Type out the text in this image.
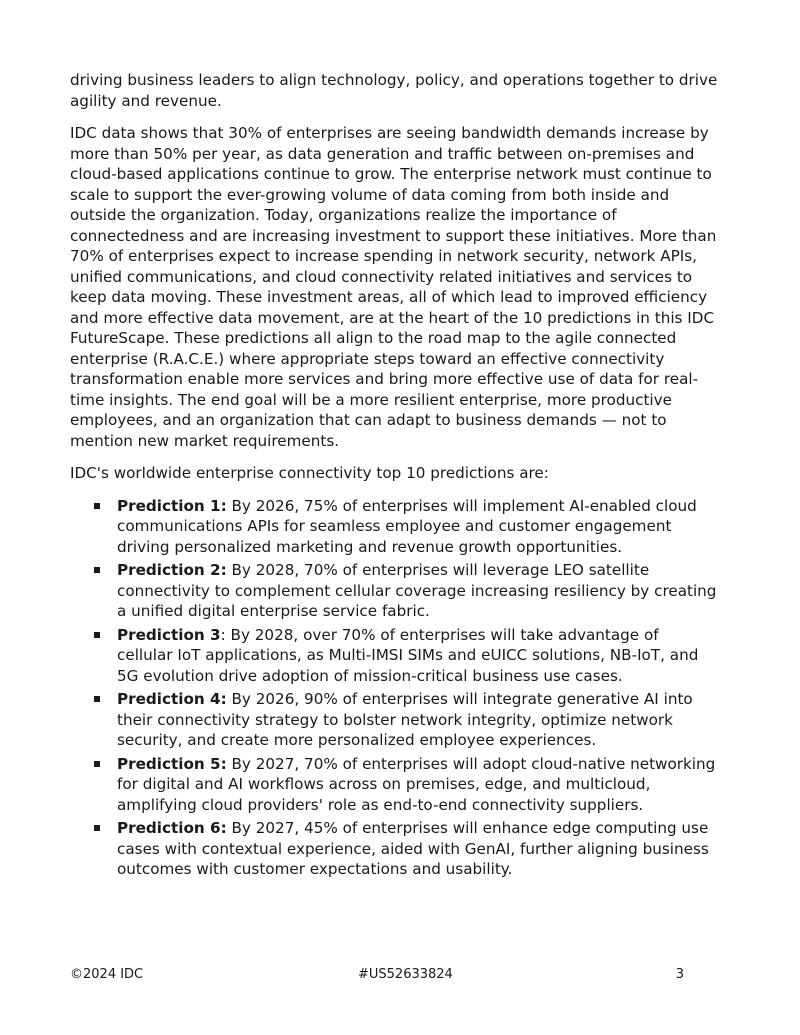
driving business leaders to align technology, policy, and operations together to drive agility and revenue.

IDC data shows that 30% of enterprises are seeing bandwidth demands increase by more than 50% per year, as data generation and traffic between on-premises and cloud-based applications continue to grow. The enterprise network must continue to scale to support the ever-growing volume of data coming from both inside and outside the organization. Today, organizations realize the importance of connectedness and are increasing investment to support these initiatives. More than 70% of enterprises expect to increase spending in network security, network APIs, unified communications, and cloud connectivity related initiatives and services to keep data moving. These investment areas, all of which lead to improved efficiency and more effective data movement, are at the heart of the 10 predictions in this IDC FutureScape. These predictions all align to the road map to the agile connected enterprise (R.A.C.E.) where appropriate steps toward an effective connectivity transformation enable more services and bring more effective use of data for real-time insights. The end goal will be a more resilient enterprise, more productive employees, and an organization that can adapt to business demands — not to mention new market requirements.

IDC's worldwide enterprise connectivity top 10 predictions are:

Prediction 1: By 2026, 75% of enterprises will implement AI-enabled cloud communications APIs for seamless employee and customer engagement driving personalized marketing and revenue growth opportunities.
Prediction 2: By 2028, 70% of enterprises will leverage LEO satellite connectivity to complement cellular coverage increasing resiliency by creating a unified digital enterprise service fabric.
Prediction 3: By 2028, over 70% of enterprises will take advantage of cellular IoT applications, as Multi-IMSI SIMs and eUICC solutions, NB-IoT, and 5G evolution drive adoption of mission-critical business use cases.
Prediction 4: By 2026, 90% of enterprises will integrate generative AI into their connectivity strategy to bolster network integrity, optimize network security, and create more personalized employee experiences.
Prediction 5: By 2027, 70% of enterprises will adopt cloud-native networking for digital and AI workflows across on premises, edge, and multicloud, amplifying cloud providers' role as end-to-end connectivity suppliers.
Prediction 6: By 2027, 45% of enterprises will enhance edge computing use cases with contextual experience, aided with GenAI, further aligning business outcomes with customer expectations and usability.
©2024 IDC	#US52633824	3
